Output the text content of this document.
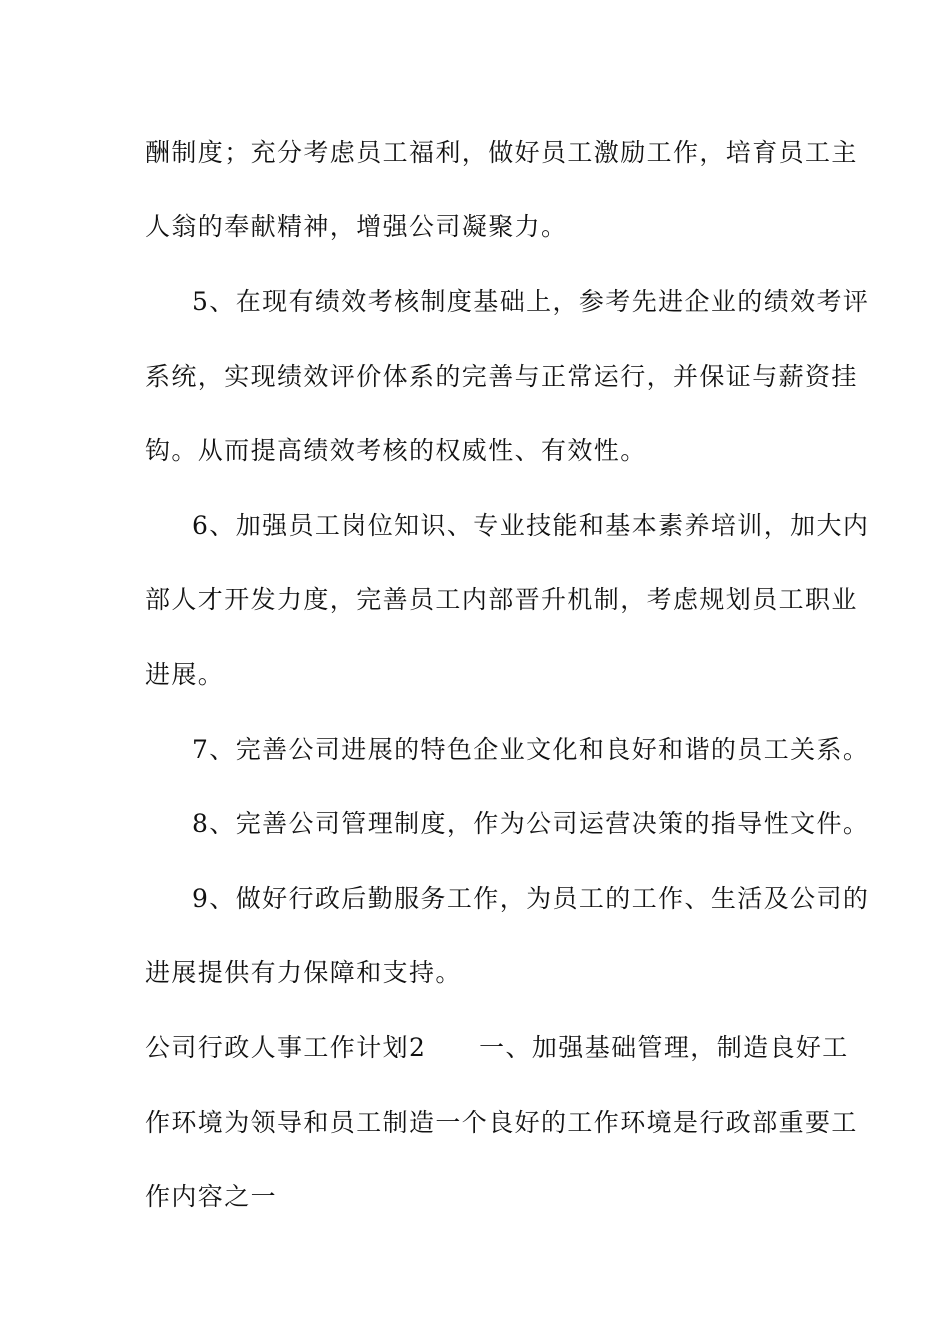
酬制度；充分考虑员工福利，做好员工激励工作，培育员工主
人翁的奉献精神，增强公司凝聚力。
5、在现有绩效考核制度基础上，参考先进企业的绩效考评
系统，实现绩效评价体系的完善与正常运行，并保证与薪资挂
钩。从而提高绩效考核的权威性、有效性。
6、加强员工岗位知识、专业技能和基本素养培训，加大内
部人才开发力度，完善员工内部晋升机制，考虑规划员工职业
进展。
7、完善公司进展的特色企业文化和良好和谐的员工关系。
8、完善公司管理制度，作为公司运营决策的指导性文件。
9、做好行政后勤服务工作，为员工的工作、生活及公司的
进展提供有力保障和支持。
公司行政人事工作计划2　　一、加强基础管理，制造良好工
作环境为领导和员工制造一个良好的工作环境是行政部重要工
作内容之一
